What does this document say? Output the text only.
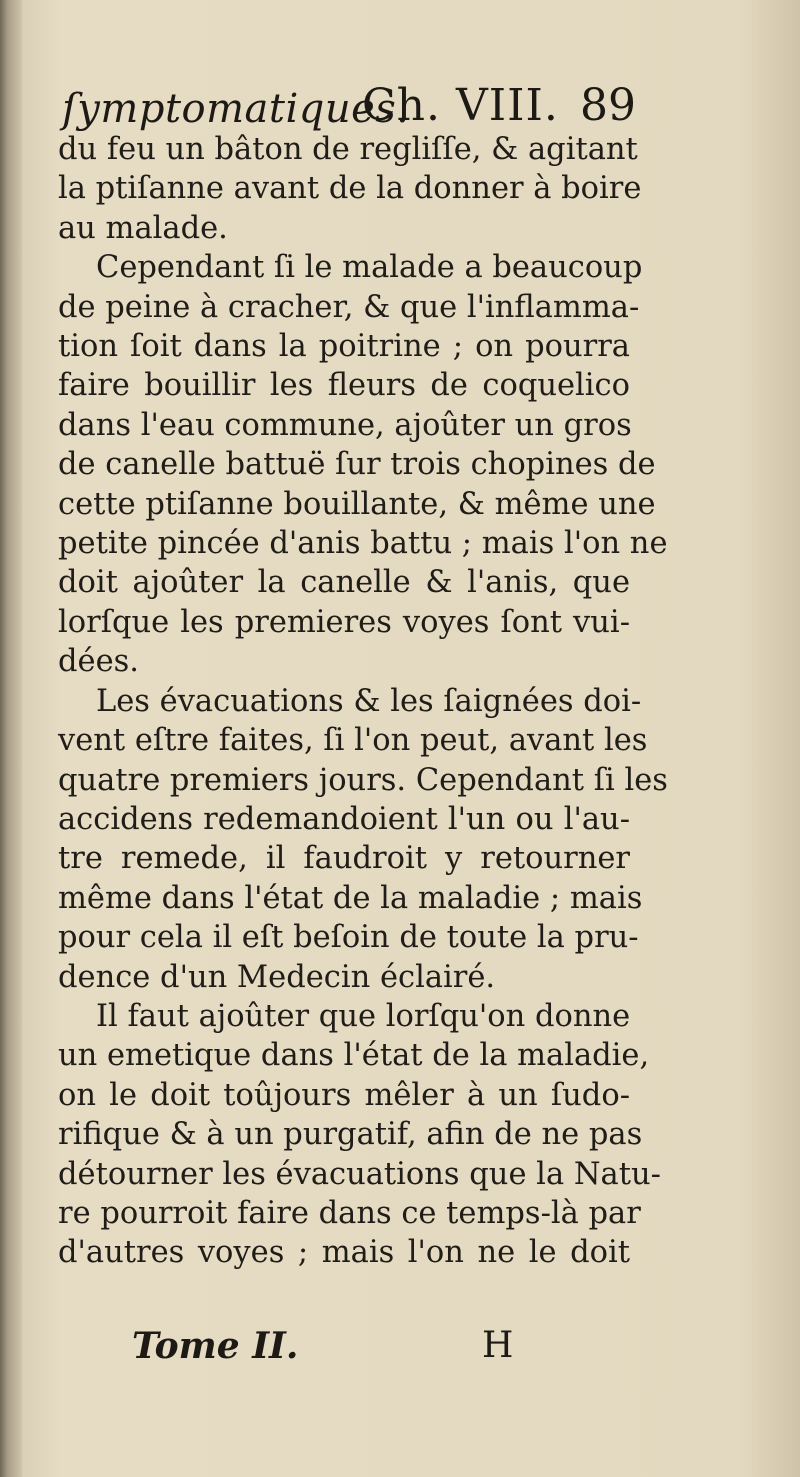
ſymptomatiques.
Ch. VIII. 89
du feu un bâton de regliſſe, & agitant
la ptiſanne avant de la donner à boire
au malade.
Cependant ſi le malade a beaucoup
de peine à cracher, & que l'inflamma-
tion ſoit dans la poitrine ; on pourra
faire bouillir les fleurs de coquelico
dans l'eau commune, ajoûter un gros
de canelle battuë ſur trois chopines de
cette ptiſanne bouillante, & même une
petite pincée d'anis battu ; mais l'on ne
doit ajoûter la canelle & l'anis, que
lorſque les premieres voyes ſont vui-
dées.
Les évacuations & les ſaignées doi-
vent eſtre faites, ſi l'on peut, avant les
quatre premiers jours. Cependant ſi les
accidens redemandoient l'un ou l'au-
tre remede, il faudroit y retourner
même dans l'état de la maladie ; mais
pour cela il eſt beſoin de toute la pru-
dence d'un Medecin éclairé.
Il faut ajoûter que lorſqu'on donne
un emetique dans l'état de la maladie,
on le doit toûjours mêler à un ſudo-
rifique & à un purgatif, afin de ne pas
détourner les évacuations que la Natu-
re pourroit faire dans ce temps-là par
d'autres voyes ; mais l'on ne le doit
Tome II.	H
